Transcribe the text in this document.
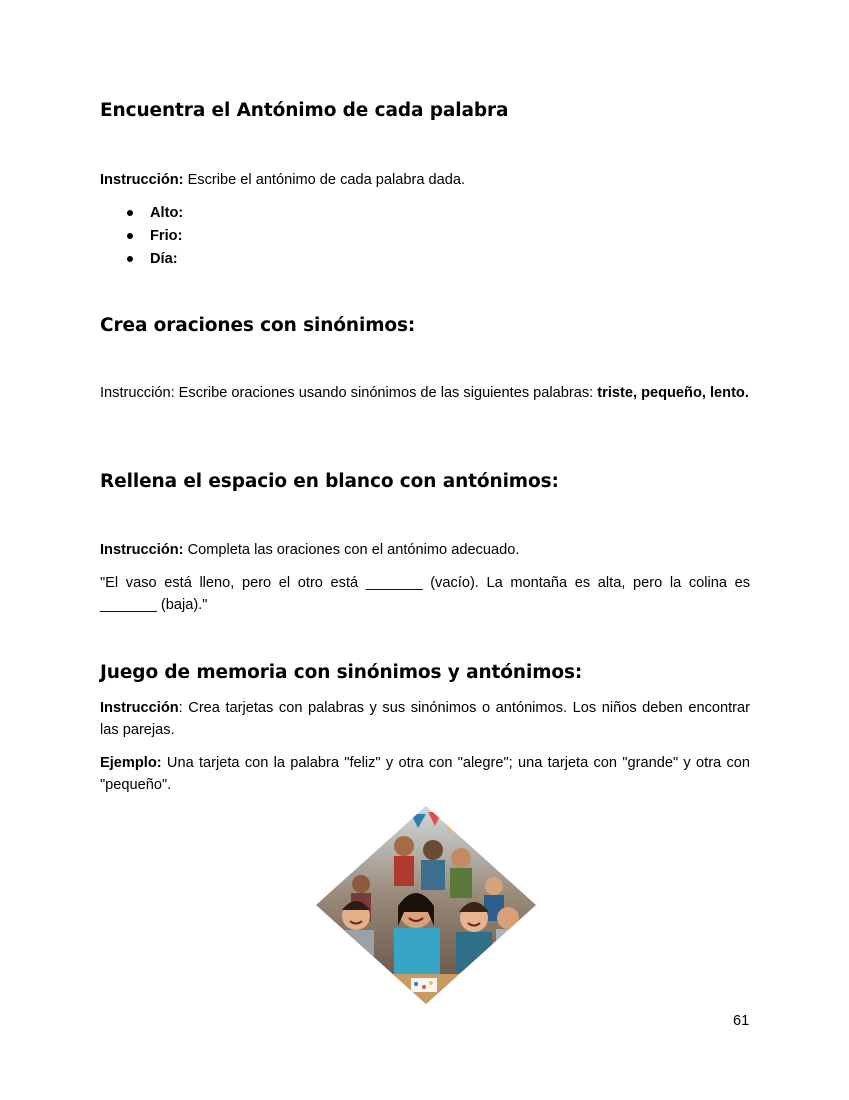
Encuentra el Antónimo de cada palabra

Instrucción: Escribe el antónimo de cada palabra dada.

Alto:
Frio:
Día:
Crea oraciones con sinónimos:

Instrucción: Escribe oraciones usando sinónimos de las siguientes palabras: triste, pequeño, lento.

Rellena el espacio en blanco con antónimos:

Instrucción: Completa las oraciones con el antónimo adecuado.

"El vaso está lleno, pero el otro está _______ (vacío). La montaña es alta, pero la colina es _______ (baja)."

Juego de memoria con sinónimos y antónimos:

Instrucción: Crea tarjetas con palabras y sus sinónimos o antónimos. Los niños deben encontrar las parejas.

Ejemplo: Una tarjeta con la palabra "feliz" y otra con "alegre"; una tarjeta con "grande" y otra con "pequeño".

61
